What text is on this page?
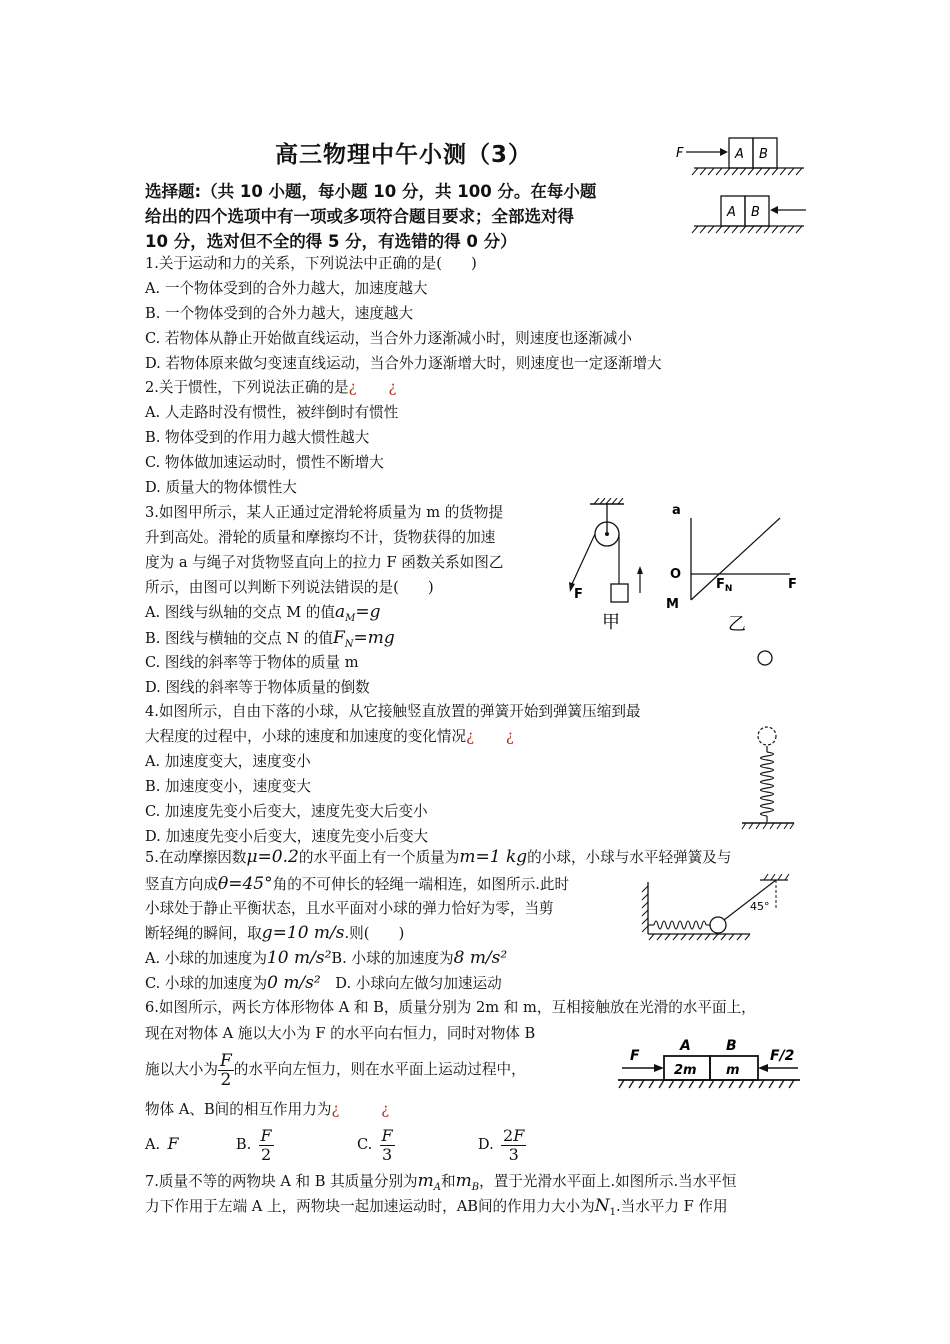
高三物理中午小测（3）	F	A B
A B
选择题:（共 10 小题，每小题 10 分，共 100 分。在每小题
给出的四个选项中有一项或多项符合题目要求；全部选对得
10 分，选对但不全的得 5 分，有选错的得 0 分）
1.关于运动和力的关系，下列说法中正确的是(　　)
A. 一个物体受到的合外力越大，加速度越大
B. 一个物体受到的合外力越大，速度越大
C. 若物体从静止开始做直线运动，当合外力逐渐减小时，则速度也逐渐减小
D. 若物体原来做匀变速直线运动，当合外力逐渐增大时，则速度也一定逐渐增大
2.关于惯性，下列说法正确的是¿ ¿
A. 人走路时没有惯性，被绊倒时有惯性
B. 物体受到的作用力越大惯性越大
C. 物体做加速运动时，惯性不断增大
D. 质量大的物体惯性大
3.如图甲所示，某人正通过定滑轮将质量为 m 的货物提
升到高处。滑轮的质量和摩擦均不计，货物获得的加速
度为 a 与绳子对货物竖直向上的拉力 F 函数关系如图乙
所示，由图可以判断下列说法错误的是(　　)
A. 图线与纵轴的交点 M 的值$a_M=g$
B. 图线与横轴的交点 N 的值$F_N=mg$
C. 图线的斜率等于物体的质量 m
D. 图线的斜率等于物体质量的倒数
F
甲
a
O
M
$F_N$	F
乙
4.如图所示，自由下落的小球，从它接触竖直放置的弹簧开始到弹簧压缩到最
大程度的过程中，小球的速度和加速度的变化情况¿ ¿
A. 加速度变大，速度变小
B. 加速度变小，速度变大
C. 加速度先变小后变大，速度先变大后变小
D. 加速度先变小后变大，速度先变小后变大
5.在动摩擦因数μ=0.2的水平面上有一个质量为m=1 kg的小球，小球与水平轻弹簧及与
竖直方向成θ=45°角的不可伸长的轻绳一端相连，如图所示.此时
小球处于静止平衡状态，且水平面对小球的弹力恰好为零，当剪
断轻绳的瞬间，取g=10 m/s.则(　　)
A. 小球的加速度为10 m/s²B. 小球的加速度为8 m/s²
C. 小球的加速度为0 m/s²  D. 小球向左做匀加速运动
45°
6.如图所示，两长方体形物体 A 和 B，质量分别为 2m 和 m，互相接触放在光滑的水平面上，
现在对物体 A 施以大小为 F 的水平向右恒力，同时对物体 B
施以大小为 $\frac{F}{2}$ 的水平向左恒力，则在水平面上运动过程中，
物体 A、B间的相互作用力为¿	¿
A.  F	B.  $\frac{F}{2}$	C.  $\frac{F}{3}$	D.  $\frac{2F}{3}$
F
A	B
2m m
F/2
7.质量不等的两物块 A 和 B 其质量分别为$m_A$和$m_B$，置于光滑水平面上.如图所示.当水平恒
力下作用于左端 A 上，两物块一起加速运动时，AB间的作用力大小为$N_1$.当水平力 F 作用
